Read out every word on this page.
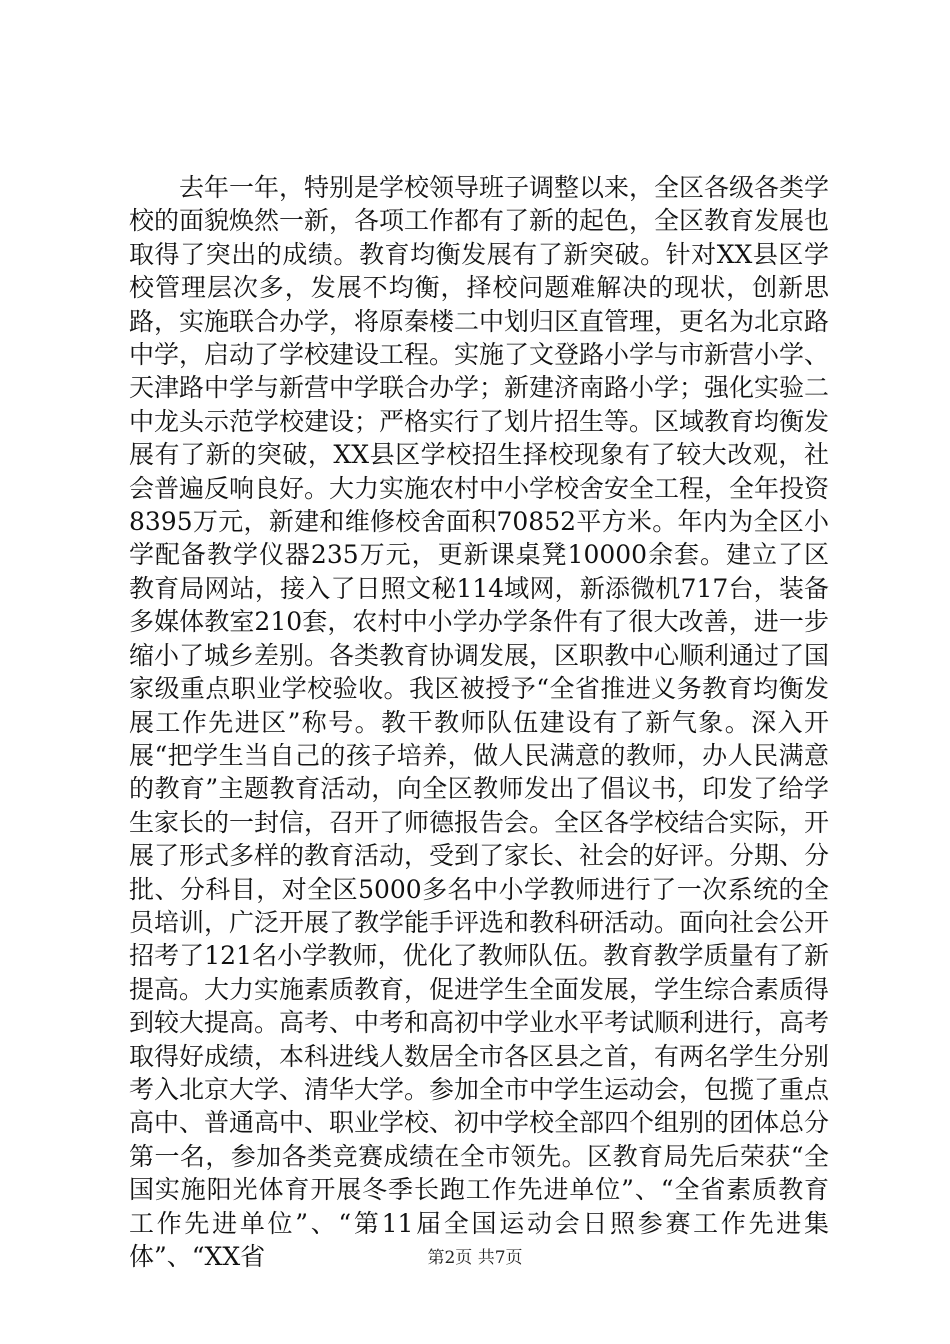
去年一年，特别是学校领导班子调整以来，全区各级各类学校的面貌焕然一新，各项工作都有了新的起色，全区教育发展也取得了突出的成绩。教育均衡发展有了新突破。针对XX县区学校管理层次多，发展不均衡，择校问题难解决的现状，创新思路，实施联合办学，将原秦楼二中划归区直管理，更名为北京路中学，启动了学校建设工程。实施了文登路小学与市新营小学、天津路中学与新营中学联合办学；新建济南路小学；强化实验二中龙头示范学校建设；严格实行了划片招生等。区域教育均衡发展有了新的突破，XX县区学校招生择校现象有了较大改观，社会普遍反响良好。大力实施农村中小学校舍安全工程，全年投资8395万元，新建和维修校舍面积70852平方米。年内为全区小学配备教学仪器235万元，更新课桌凳10000余套。建立了区教育局网站，接入了日照文秘114域网，新添微机717台，装备多媒体教室210套，农村中小学办学条件有了很大改善，进一步缩小了城乡差别。各类教育协调发展，区职教中心顺利通过了国家级重点职业学校验收。我区被授予“全省推进义务教育均衡发展工作先进区”称号。教干教师队伍建设有了新气象。深入开展“把学生当自己的孩子培养，做人民满意的教师，办人民满意的教育”主题教育活动，向全区教师发出了倡议书，印发了给学生家长的一封信，召开了师德报告会。全区各学校结合实际，开展了形式多样的教育活动，受到了家长、社会的好评。分期、分批、分科目，对全区5000多名中小学教师进行了一次系统的全员培训，广泛开展了教学能手评选和教科研活动。面向社会公开招考了121名小学教师，优化了教师队伍。教育教学质量有了新提高。大力实施素质教育，促进学生全面发展，学生综合素质得到较大提高。高考、中考和高初中学业水平考试顺利进行，高考取得好成绩，本科进线人数居全市各区县之首，有两名学生分别考入北京大学、清华大学。参加全市中学生运动会，包揽了重点高中、普通高中、职业学校、初中学校全部四个组别的团体总分第一名，参加各类竞赛成绩在全市领先。区教育局先后荣获“全国实施阳光体育开展冬季长跑工作先进单位”、“全省素质教育工作先进单位”、“第11届全国运动会日照参赛工作先进集体”、“XX省	第2页 共7页
